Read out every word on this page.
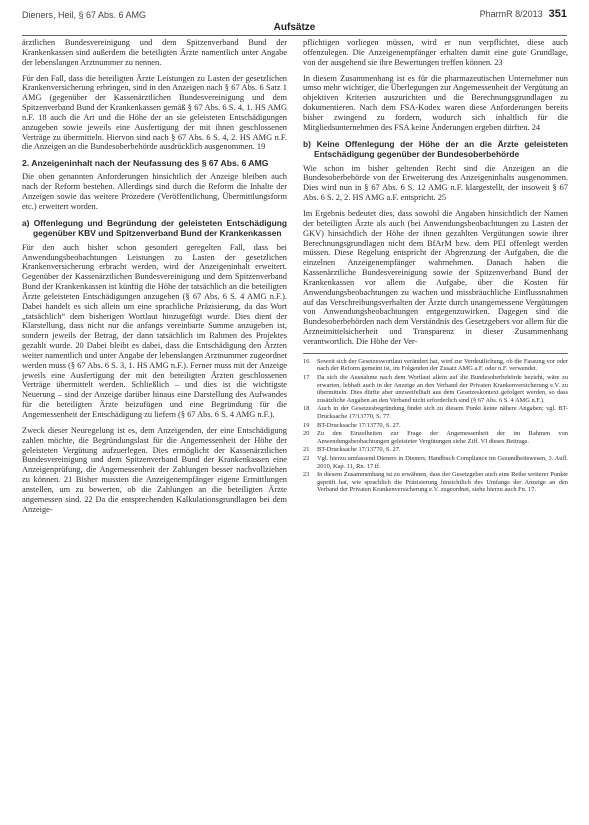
Dieners, Heil, § 67 Abs. 6 AMG	PharmR 8/2013 351
Aufsätze

ärztlichen Bundesvereinigung und dem Spitzenverband Bund der Krankenkassen sind außerdem die beteiligten Ärzte namentlich unter Angabe der lebenslangen Arztnummer zu nennen.

Für den Fall, dass die beteiligten Ärzte Leistungen zu Lasten der gesetzlichen Krankenversicherung erbringen, sind in den Anzeigen nach § 67 Abs. 6 Satz 1 AMG (gegenüber der Kassenärztlichen Bundesvereinigung und dem Spitzenverband Bund der Krankenkassen gemäß § 67 Abs. 6 S. 4, 1. HS AMG n.F. 18 auch die Art und die Höhe der an sie geleisteten Entschädigungen anzugeben sowie jeweils eine Ausfertigung der mit ihnen geschlossenen Verträge zu übermitteln. Hiervon sind nach § 67 Abs. 6 S. 4, 2. HS AMG n.F. die Anzeigen an die Bundesoberbehörde ausdrücklich ausgenommen. 19

2. Anzeigeninhalt nach der Neufassung des § 67 Abs. 6 AMG

Die oben genannten Anforderungen hinsichtlich der Anzeige bleiben auch nach der Reform bestehen. Allerdings sind durch die Reform die Inhalte der Anzeigen sowie das weitere Prozedere (Veröffentlichung, Übermittlungsform etc.) erweitert worden.

a) Offenlegung und Begründung der geleisteten Entschädigung gegenüber KBV und Spitzenverband Bund der Krankenkassen

Für den auch bisher schon gesondert geregelten Fall, dass bei Anwendungsbeobachtungen Leistungen zu Lasten der gesetzlichen Krankenversicherung erbracht werden, wird der Anzeigeninhalt erweitert. Gegenüber der Kassenärztlichen Bundesvereinigung und dem Spitzenverband Bund der Krankenkassen ist künftig die Höhe der tatsächlich an die beteiligten Ärzte geleisteten Entschädigungen anzugeben (§ 67 Abs. 6 S. 4 AMG n.F.). Dabei handelt es sich allein um eine sprachliche Präzisierung, da das Wort „tatsächlich“ dem bisherigen Wortlaut hinzugefügt wurde. Dies dient der Klarstellung, dass nicht nur die anfangs vereinbarte Summe anzugeben ist, sondern jeweils der Betrag, der dann tatsächlich im Rahmen des Projektes gezahlt wurde. 20 Dabei bleibt es dabei, dass die Entschädigung den Ärzten weiter namentlich und unter Angabe der lebenslangen Arztnummer zugeordnet werden muss (§ 67 Abs. 6 S. 3, 1. HS AMG n.F.). Ferner muss mit der Anzeige jeweils eine Ausfertigung der mit den beteiligten Ärzten geschlossenen Verträge übermittelt werden. Schließlich – und dies ist die wichtigste Neuerung – sind der Anzeige darüber hinaus eine Darstellung des Aufwandes für die beteiligten Ärzte beizufügen und eine Begründung für die Angemessenheit der Entschädigung zu liefern (§ 67 Abs. 6 S. 4 AMG n.F.).

Zweck dieser Neuregelung ist es, dem Anzeigenden, der eine Entschädigung zahlen möchte, die Begründungslast für die Angemessenheit der Höhe der geleisteten Vergütung aufzuerlegen. Dies ermöglicht der Kassenärztlichen Bundesvereinigung und dem Spitzenverband Bund der Krankenkassen eine Anzeigenprüfung, die Angemessenheit der Zahlungen besser nachvollziehen zu können. 21 Bisher mussten die Anzeigenempfänger eigene Ermittlungen anstellen, um zu bewerten, ob die Zahlungen an die beteiligten Ärzte angemessen sind. 22 Da die entsprechenden Kalkulationsgrundlagen bei dem Anzeige-

pflichtigen vorliegen müssen, wird er nun verpflichtet, diese auch offenzulegen. Die Anzeigenempfänger erhalten damit eine gute Grundlage, von der ausgehend sie ihre Bewertungen treffen können. 23

In diesem Zusammenhang ist es für die pharmazeutischen Unternehmer nun umso mehr wichtiger, die Überlegungen zur Angemessenheit der Vergütung an objektiven Kriterien auszurichten und die Berechnungsgrundlagen zu dokumentieren. Nach dem FSA-Kodex waren diese Anforderungen bereits bisher zwingend zu fordern, wodurch sich inhaltlich für die Mitgliedsunternehmen des FSA keine Änderungen ergeben dürften. 24

b) Keine Offenlegung der Höhe der an die Ärzte geleisteten Entschädigung gegenüber der Bundesoberbehörde

Wie schon im bisher geltenden Recht sind die Anzeigen an die Bundesoberbehörde von der Erweiterung des Anzeigeninhalts ausgenommen. Dies wird nun in § 67 Abs. 6 S. 12 AMG n.F. klargestellt, der insoweit § 67 Abs. 6 S. 2, 2. HS AMG a.F. entspricht. 25

Im Ergebnis bedeutet dies, dass sowohl die Angaben hinsichtlich der Namen der beteiligten Ärzte als auch (bei Anwendungsbeobachtungen zu Lasten der GKV) hinsichtlich der Höhe der ihnen gezahlten Vergütungen sowie ihrer Berechnungsgrundlagen nicht dem BfArM bzw. dem PEI offenlegt werden müssen. Diese Regelung entspricht der Abgrenzung der Aufgaben, die die einzelnen Anzeigenempfänger wahrnehmen. Danach haben die Kassenärztliche Bundesvereinigung sowie der Spitzenverband Bund der Krankenkassen vor allem die Aufgabe, über die Kosten für Anwendungsbeobachtungen zu wachen und missbräuchliche Einflussnahmen auf das Verschreibungsverhalten der Ärzte durch unangemessene Vergütungen von Anwendungsbeobachtungen entgegenzuwirken. Dagegen sind die Bundesoberbehörden nach dem Verständnis des Gesetzgebers vor allem für die Arzneimittelsicherheit und Transparenz in dieser Zusammenhang verantwortlich. Die Höhe der Ver-

16	Soweit sich der Gesetzeswortlaut verändert hat, wird zur Verdeutlichung, ob die Fassung vor oder nach der Reform gemeint ist, im Folgenden der Zusatz AMG a.F. oder n.F. verwendet.
17	Da sich die Ausnahme nach dem Wortlaut allein auf die Bundesoberbehörde bezieht, wäre zu erwarten, lebhaft auch in der Anzeige an den Verband der Privaten Krankenversicherung e.V. zu übermitteln. Dies dürfte aber unzweifelhaft aus dem Gesetzeskontext gefolgert werden, so dass zusätzliche Angaben an den Verband nicht erforderlich sind (§ 67 Abs. 6 S. 4 AMG n.F.).
18	Auch in der Gesetzesbegründung findet sich zu diesem Punkt keine nähere Angaben; vgl. BT-Drucksache 17/13770, S. 77.
19	BT-Drucksache 17/13770, S. 27.
20	Zu den Einzelheiten zur Frage der Angemessenheit der im Rahmen von Anwendungsbeobachtungen geleisteter Vergütungen siehe Ziff. VI dieses Beitrags.
21	BT-Drucksache 17/13770, S. 27.
22	Vgl. hierzu umfassend Dieners in Dieners, Handbuch Compliance im Gesundheitswesen, 3. Aufl. 2010, Kap. 11, Rn. 17 ff.
23	In diesem Zusammenhang ist zu erwähnen, dass der Gesetzgeber auch eine Reihe weiterer Punkte geprüft hat, wie sprachlich die Präzisierung hinsichtlich des Umfangs der Anzeige an den Verband der Privaten Krankenversicherung e.V. zugeordnet, siehe hierzu auch Fn. 17.
